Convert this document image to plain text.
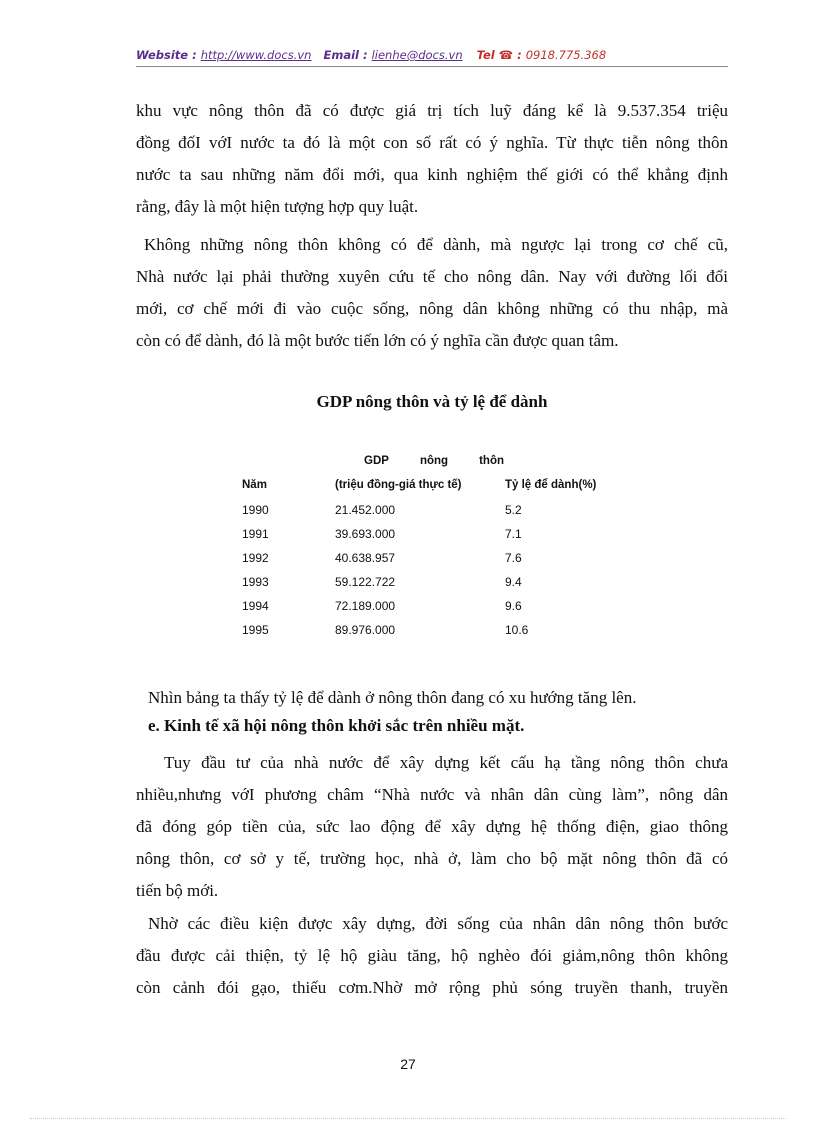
Website : http://www.docs.vn Email : lienhe@docs.vn Tel ☎ : 0918.775.368
khu vực nông thôn đã có được giá trị tích luỹ đáng kể là 9.537.354 triệu
đồng đốI vớI nước ta đó là một con số rất có ý nghĩa. Từ thực tiễn nông thôn
nước ta sau những năm đổi mới, qua kinh nghiệm thế giới có thể khẳng định
rằng, đây là một hiện tượng hợp quy luật.
Không những nông thôn không có để dành, mà ngược lại trong cơ chế cũ,
Nhà nước lại phải thường xuyên cứu tế cho nông dân. Nay với đường lối đổi
mới, cơ chế mới đi vào cuộc sống, nông dân không những có thu nhập, mà
còn có để dành, đó là một bước tiến lớn có ý nghĩa cần được quan tâm.
GDP nông thôn và tỷ lệ để dành
GDP	nông	thôn
Năm	(triệu đồng-giá thực tế)	Tỷ lệ để dành(%)
1990	21.452.000	5.2
1991	39.693.000	7.1
1992	40.638.957	7.6
1993	59.122.722	9.4
1994	72.189.000	9.6
1995	89.976.000	10.6
Nhìn bảng ta thấy tỷ lệ để dành ở nông thôn đang có xu hướng tăng lên.
e. Kinh tế xã hội nông thôn khởi sắc trên nhiều mặt.
Tuy đầu tư của nhà nước để xây dựng kết cấu hạ tầng nông thôn chưa
nhiều,nhưng vớI phương châm “Nhà nước và nhân dân cùng làm”, nông dân
đã đóng góp tiền của, sức lao động để xây dựng hệ thống điện, giao thông
nông thôn, cơ sở y tế, trường học, nhà ở, làm cho bộ mặt nông thôn đã có
tiến bộ mới.
Nhờ các điều kiện được xây dựng, đời sống của nhân dân nông thôn bước
đầu được cải thiện, tỷ lệ hộ giàu tăng, hộ nghèo đói giảm,nông thôn không
còn cảnh đói gạo, thiếu cơm.Nhờ mở rộng phủ sóng truyền thanh, truyền
27
